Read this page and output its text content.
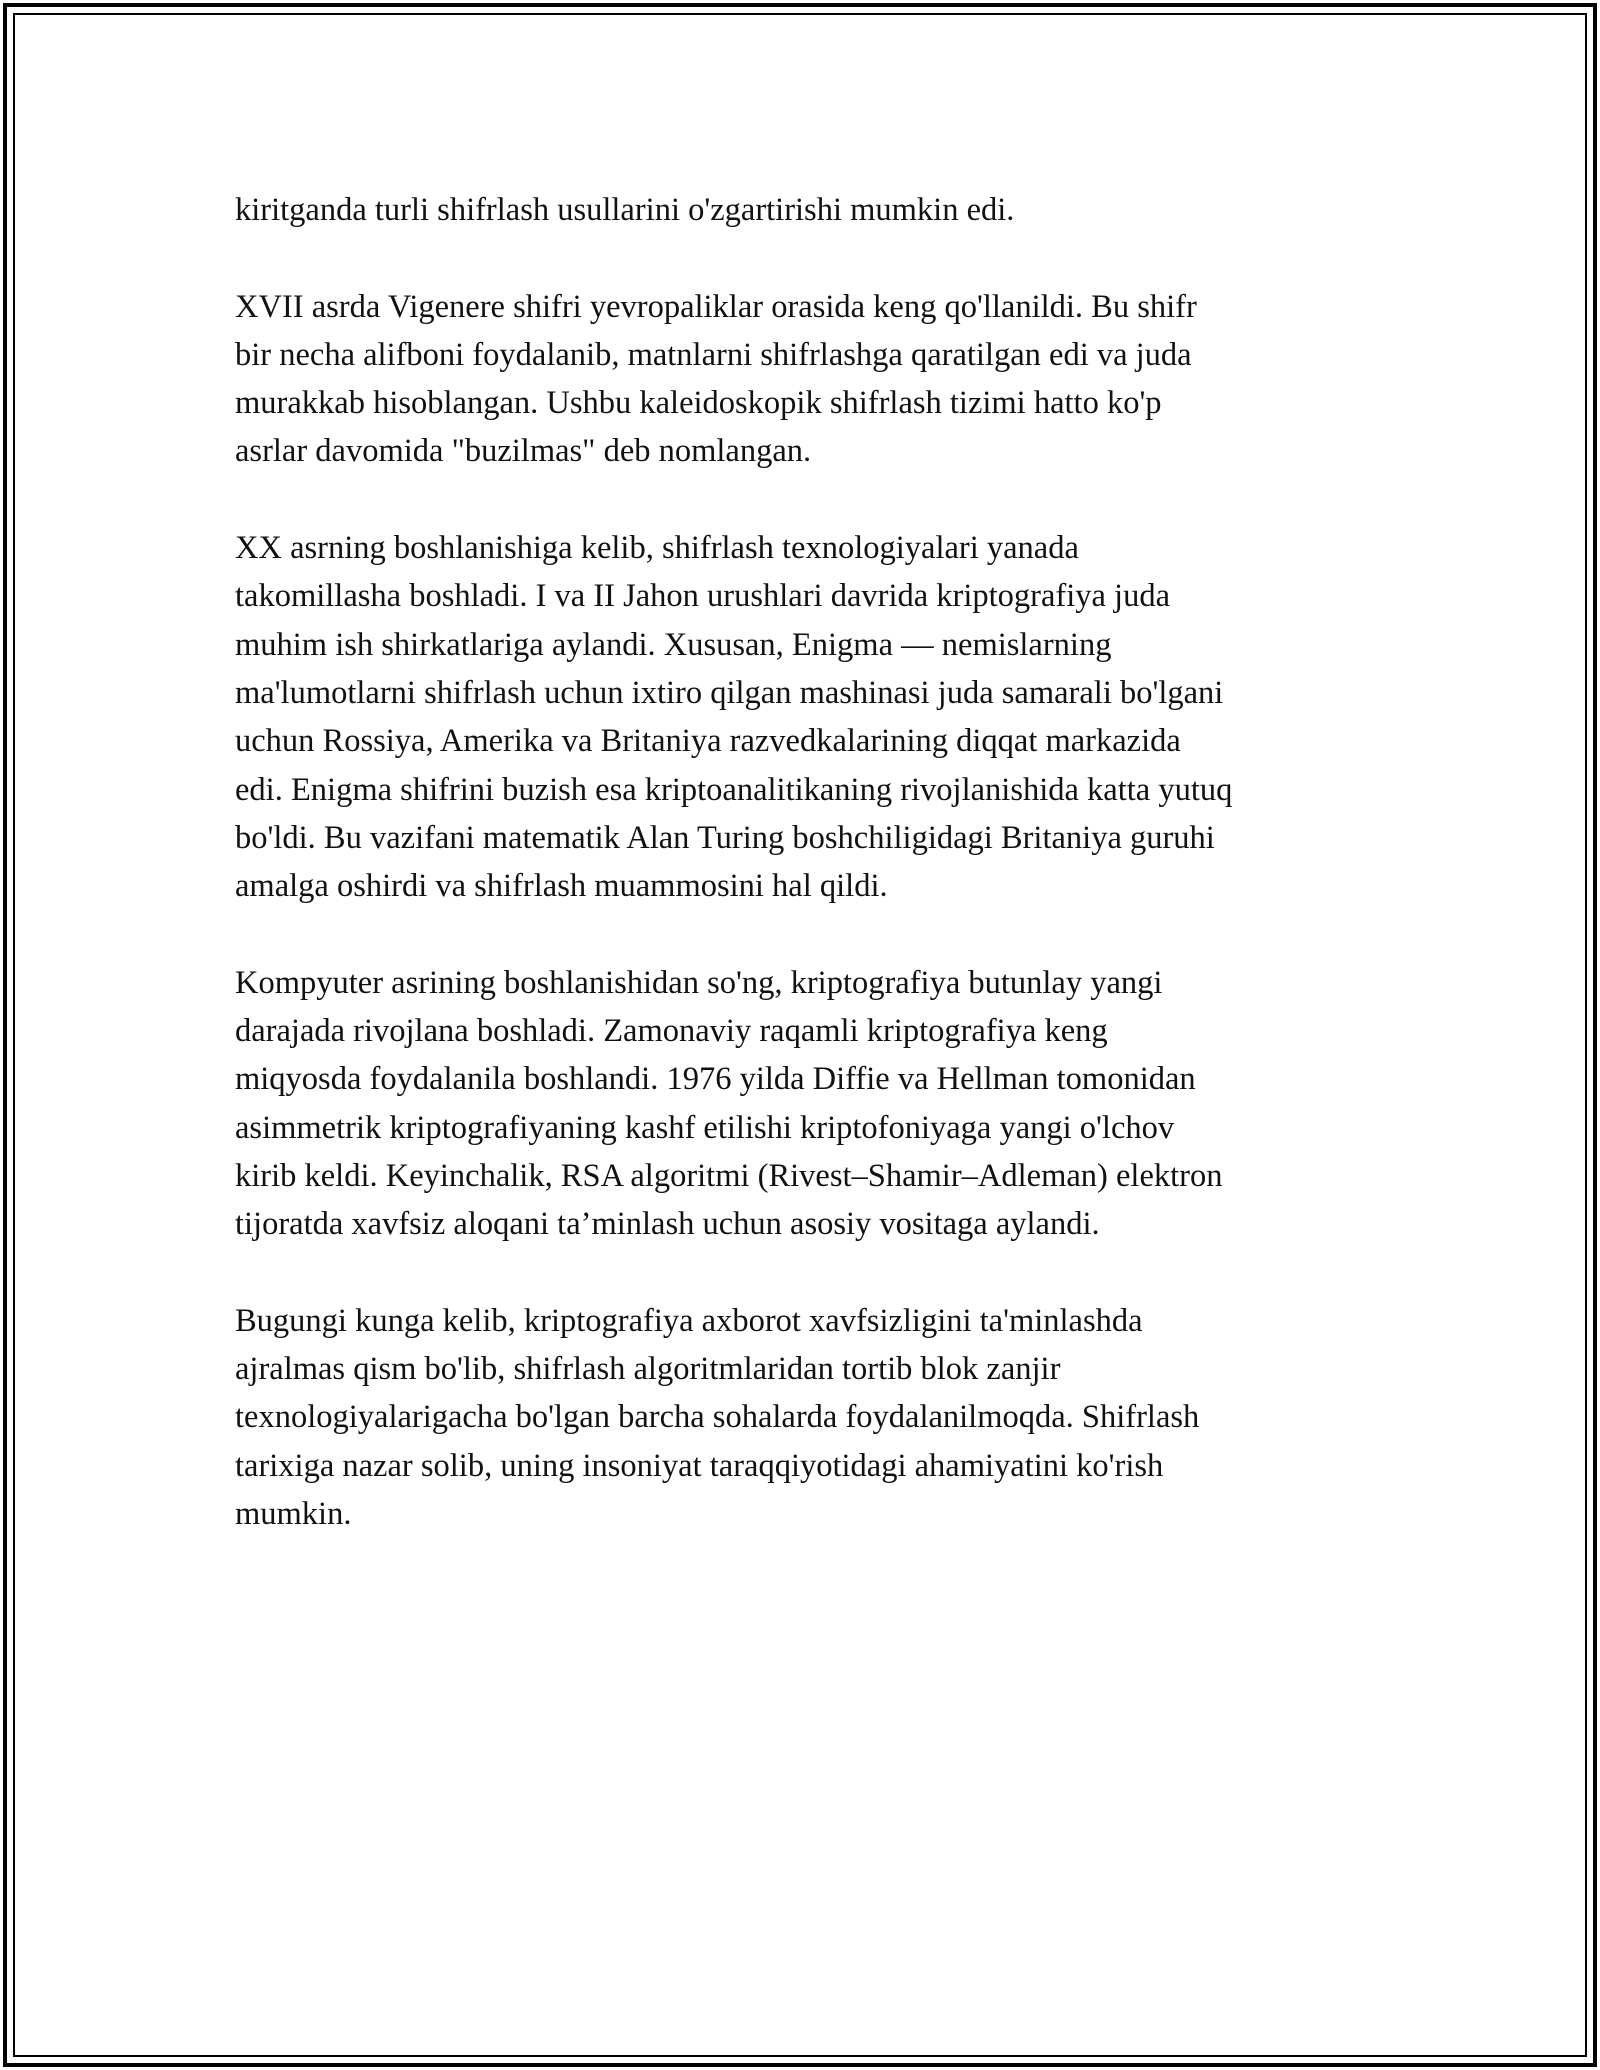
kiritganda turli shifrlash usullarini o'zgartirishi mumkin edi.

XVII asrda Vigenere shifri yevropaliklar orasida keng qo'llanildi. Bu shifr
bir necha alifboni foydalanib, matnlarni shifrlashga qaratilgan edi va juda
murakkab hisoblangan. Ushbu kaleidoskopik shifrlash tizimi hatto ko'p
asrlar davomida "buzilmas" deb nomlangan.

XX asrning boshlanishiga kelib, shifrlash texnologiyalari yanada
takomillasha boshladi. I va II Jahon urushlari davrida kriptografiya juda
muhim ish shirkatlariga aylandi. Xususan, Enigma — nemislarning
ma'lumotlarni shifrlash uchun ixtiro qilgan mashinasi juda samarali bo'lgani
uchun Rossiya, Amerika va Britaniya razvedkalarining diqqat markazida
edi. Enigma shifrini buzish esa kriptoanalitikaning rivojlanishida katta yutuq
bo'ldi. Bu vazifani matematik Alan Turing boshchiligidagi Britaniya guruhi
amalga oshirdi va shifrlash muammosini hal qildi.

Kompyuter asrining boshlanishidan so'ng, kriptografiya butunlay yangi
darajada rivojlana boshladi. Zamonaviy raqamli kriptografiya keng
miqyosda foydalanila boshlandi. 1976 yilda Diffie va Hellman tomonidan
asimmetrik kriptografiyaning kashf etilishi kriptofoniyaga yangi o'lchov
kirib keldi. Keyinchalik, RSA algoritmi (Rivest–Shamir–Adleman) elektron
tijoratda xavfsiz aloqani ta’minlash uchun asosiy vositaga aylandi.

Bugungi kunga kelib, kriptografiya axborot xavfsizligini ta'minlashda
ajralmas qism bo'lib, shifrlash algoritmlaridan tortib blok zanjir
texnologiyalarigacha bo'lgan barcha sohalarda foydalanilmoqda. Shifrlash
tarixiga nazar solib, uning insoniyat taraqqiyotidagi ahamiyatini ko'rish
mumkin.
